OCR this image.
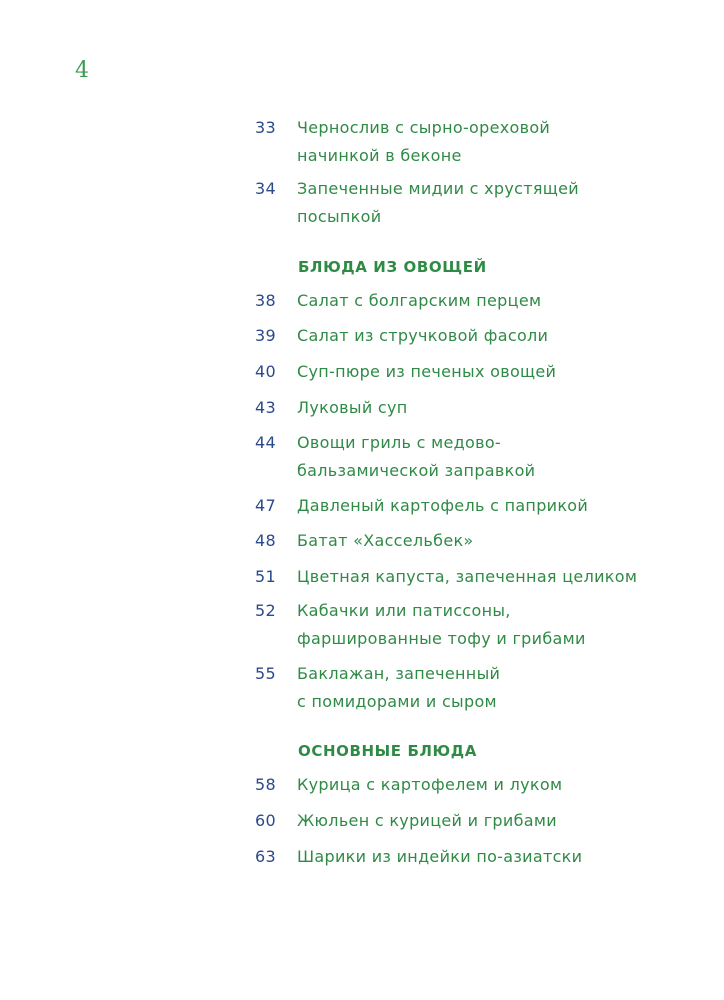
4
33 Чернослив с сырно-ореховой
начинкой в беконе
34 Запеченные мидии с хрустящей
посыпкой
БЛЮДА ИЗ ОВОЩЕЙ
38 Салат с болгарским перцем
39 Салат из стручковой фасоли
40 Суп-пюре из печеных овощей
43 Луковый суп
44 Овощи гриль с медово-
бальзамической заправкой
47 Давленый картофель с паприкой
48 Батат «Хассельбек»
51 Цветная капуста, запеченная целиком
52 Кабачки или патиссоны,
фаршированные тофу и грибами
55 Баклажан, запеченный
с помидорами и сыром
ОСНОВНЫЕ БЛЮДА
58 Курица с картофелем и луком
60 Жюльен с курицей и грибами
63 Шарики из индейки по-азиатски
